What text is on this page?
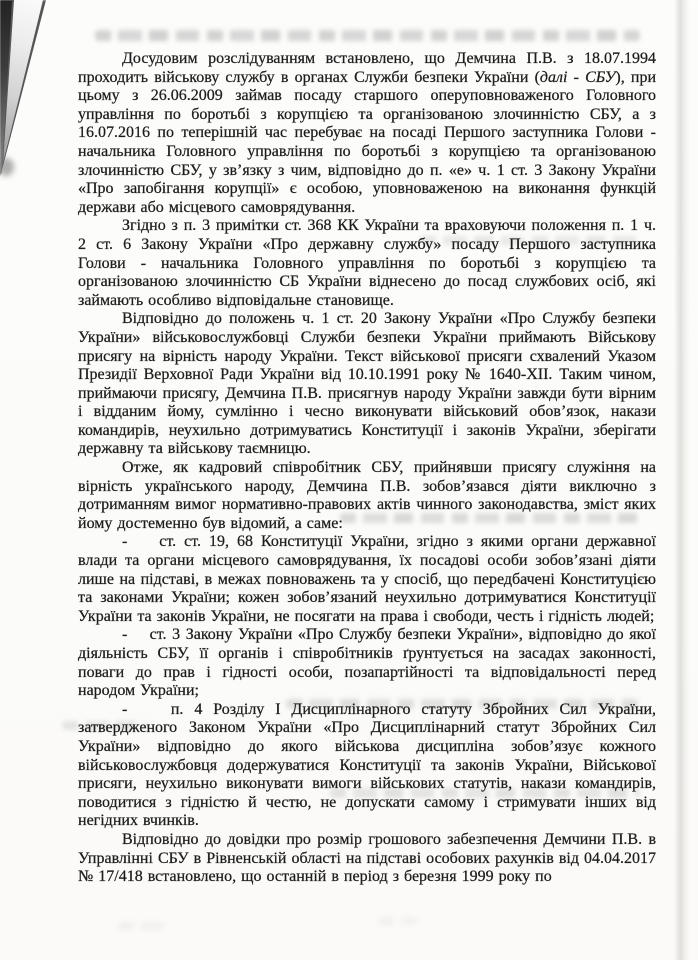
Досудовим розслідуванням встановлено, що Демчина П.В. з 18.07.1994 проходить військову службу в органах Служби безпеки України (далі - СБУ), при цьому з 26.06.2009 займав посаду старшого оперуповноваженого Головного управління по боротьбі з корупцією та організованою злочинністю СБУ, а з 16.07.2016 по теперішній час перебуває на посаді Першого заступника Голови - начальника Головного управління по боротьбі з корупцією та організованою злочинністю СБУ, у зв’язку з чим, відповідно до п. «е» ч. 1 ст. 3 Закону України «Про запобігання корупції» є особою, уповноваженою на виконання функцій держави або місцевого самоврядування.

Згідно з п. 3 примітки ст. 368 КК України та враховуючи положення п. 1 ч. 2 ст. 6 Закону України «Про державну службу» посаду Першого заступника Голови - начальника Головного управління по боротьбі з корупцією та організованою злочинністю СБ України віднесено до посад службових осіб, які займають особливо відповідальне становище.

Відповідно до положень ч. 1 ст. 20 Закону України «Про Службу безпеки України» військовослужбовці Служби безпеки України приймають Військову присягу на вірність народу України. Текст військової присяги схвалений Указом Президії Верховної Ради України від 10.10.1991 року № 1640-XII. Таким чином, приймаючи присягу, Демчина П.В. присягнув народу України завжди бути вірним і відданим йому, сумлінно і чесно виконувати військовий обов’язок, накази командирів, неухильно дотримуватись Конституції і законів України, зберігати державну та військову таємницю.

Отже, як кадровий співробітник СБУ, прийнявши присягу служіння на вірність українського народу, Демчина П.В. зобов’язався діяти виключно з дотриманням вимог нормативно-правових актів чинного законодавства, зміст яких йому достеменно був відомий, а саме:

-    ст. ст. 19, 68 Конституції України, згідно з якими органи державної влади та органи місцевого самоврядування, їх посадові особи зобов’язані діяти лише на підставі, в межах повноважень та у спосіб, що передбачені Конституцією та законами України; кожен зобов’язаний неухильно дотримуватися Конституції України та законів України, не посягати на права і свободи, честь і гідність людей;

-    ст. 3 Закону України «Про Службу безпеки України», відповідно до якої діяльність СБУ, її органів і співробітників ґрунтується на засадах законності, поваги до прав і гідності особи, позапартійності та відповідальності перед народом України;

-    п. 4 Розділу І Дисциплінарного статуту Збройних Сил України, затвердженого Законом України «Про Дисциплінарний статут Збройних Сил України» відповідно до якого військова дисципліна зобов’язує кожного військовослужбовця додержуватися Конституції та законів України, Військової присяги, неухильно виконувати вимоги військових статутів, накази командирів, поводитися з гідністю й честю, не допускати самому і стримувати інших від негідних вчинків.

Відповідно до довідки про розмір грошового забезпечення Демчини П.В. в Управлінні СБУ в Рівненській області на підставі особових рахунків від 04.04.2017 № 17/418 встановлено, що останній в період з березня 1999 року по
